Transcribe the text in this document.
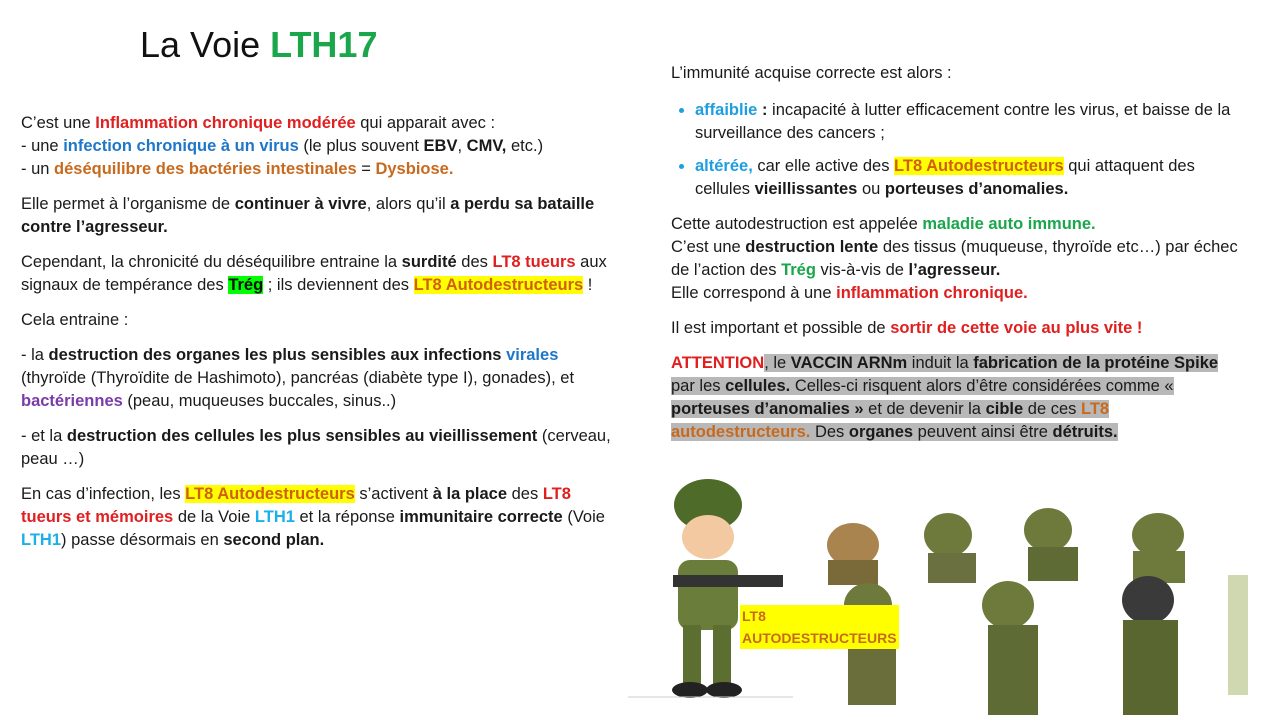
La Voie LTH17

C’est une Inflammation chronique modérée qui apparait avec :
- une infection chronique à un virus (le plus souvent EBV, CMV, etc.)
- un déséquilibre des bactéries intestinales = Dysbiose.

Elle permet à l’organisme de continuer à vivre, alors qu’il a perdu sa bataille contre l’agresseur.

Cependant, la chronicité du déséquilibre entraine la surdité des LT8 tueurs aux signaux de tempérance des Trég ; ils deviennent des LT8 Autodestructeurs !

Cela entraine :

- la destruction des organes les plus sensibles aux infections virales (thyroïde (Thyroïdite de Hashimoto), pancréas (diabète type I), gonades), et bactériennes (peau, muqueuses buccales, sinus..)

- et la destruction des cellules les plus sensibles au vieillissement (cerveau, peau …)

En cas d’infection, les LT8 Autodestructeurs s’activent à la place des LT8 tueurs et mémoires de la Voie LTH1 et la réponse immunitaire correcte (Voie LTH1) passe désormais en second plan.

L’immunité acquise correcte est alors :

• affaiblie : incapacité à lutter efficacement contre les virus, et baisse de la surveillance des cancers ;
• altérée, car elle active des LT8 Autodestructeurs qui attaquent des cellules vieillissantes ou porteuses d’anomalies.

Cette autodestruction est appelée maladie auto immune.
C’est une destruction lente des tissus (muqueuse, thyroïde etc…) par échec de l’action des Trég vis-à-vis de l’agresseur.
Elle correspond à une inflammation chronique.

Il est important et possible de sortir de cette voie au plus vite !

ATTENTION, le VACCIN ARNm induit la fabrication de la protéine Spike par les cellules. Celles-ci risquent alors d’être considérées comme « porteuses d’anomalies » et de devenir la cible de ces LT8 autodestructeurs. Des organes peuvent ainsi être détruits.

LT8
AUTODESTRUCTEURS
